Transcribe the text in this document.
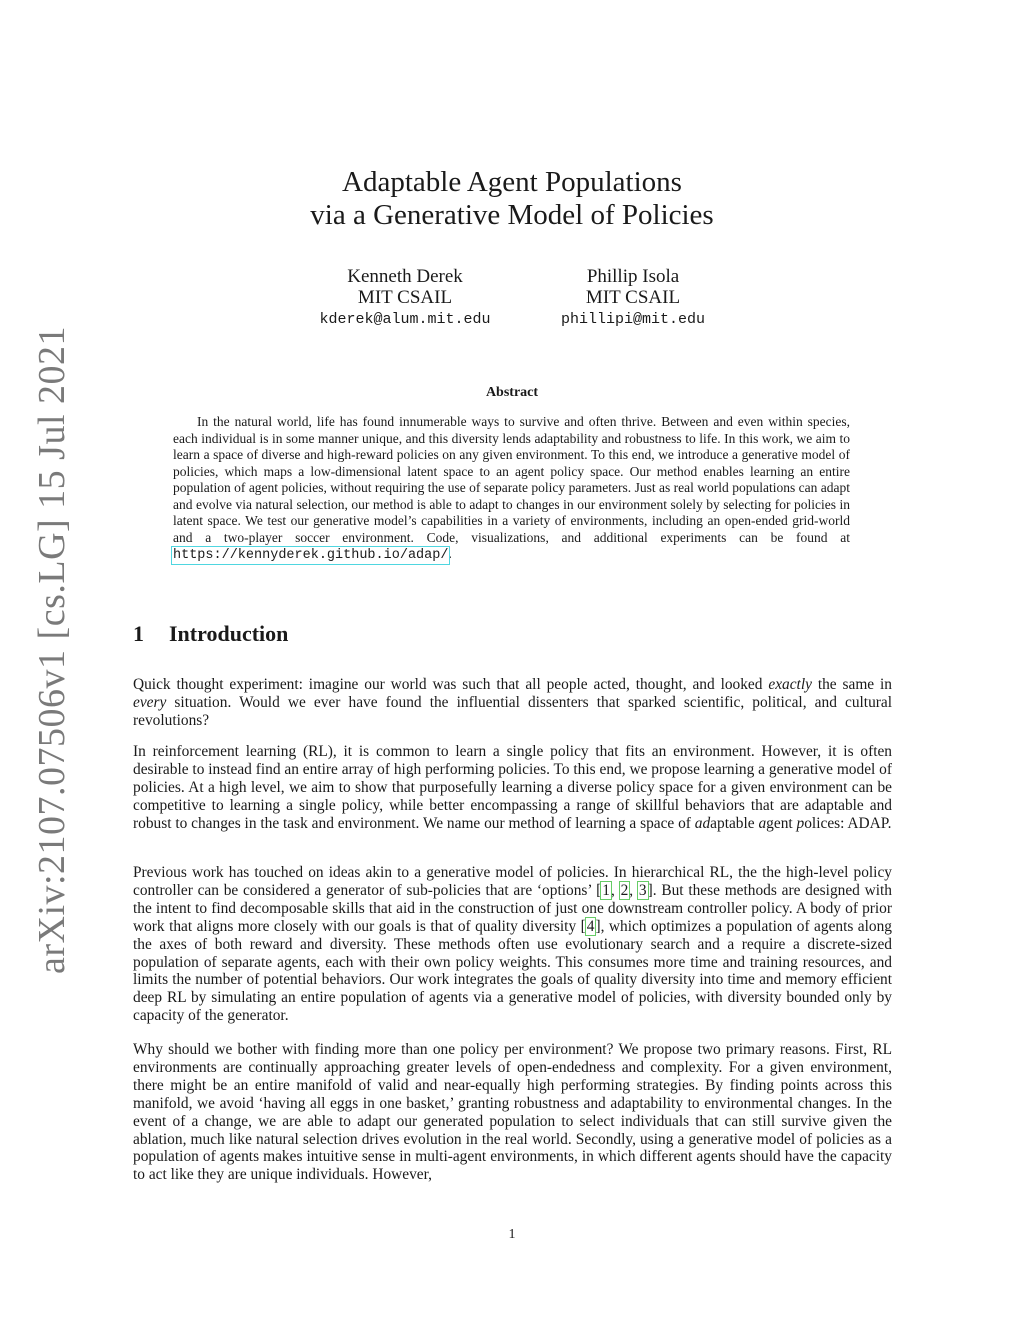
arXiv:2107.07506v1 [cs.LG] 15 Jul 2021
Adaptable Agent Populations
via a Generative Model of Policies
Kenneth Derek
MIT CSAIL
kderek@alum.mit.edu
Phillip Isola
MIT CSAIL
phillipi@mit.edu
Abstract
In the natural world, life has found innumerable ways to survive and often thrive. Between and even within species, each individual is in some manner unique, and this diversity lends adaptability and robustness to life. In this work, we aim to learn a space of diverse and high-reward policies on any given environment. To this end, we introduce a generative model of policies, which maps a low-dimensional latent space to an agent policy space. Our method enables learning an entire population of agent policies, without requiring the use of separate policy parameters. Just as real world populations can adapt and evolve via natural selection, our method is able to adapt to changes in our environment solely by selecting for policies in latent space. We test our generative model’s capabilities in a variety of environments, including an open-ended grid-world and a two-player soccer environment. Code, visualizations, and additional experiments can be found at https://kennyderek.github.io/adap/.
1 Introduction

Quick thought experiment: imagine our world was such that all people acted, thought, and looked exactly the same in every situation. Would we ever have found the influential dissenters that sparked scientific, political, and cultural revolutions?

In reinforcement learning (RL), it is common to learn a single policy that fits an environment. However, it is often desirable to instead find an entire array of high performing policies. To this end, we propose learning a generative model of policies. At a high level, we aim to show that purposefully learning a diverse policy space for a given environment can be competitive to learning a single policy, while better encompassing a range of skillful behaviors that are adaptable and robust to changes in the task and environment. We name our method of learning a space of adaptable agent polices: ADAP.

Previous work has touched on ideas akin to a generative model of policies. In hierarchical RL, the the high-level policy controller can be considered a generator of sub-policies that are ‘options’ [1, 2, 3]. But these methods are designed with the intent to find decomposable skills that aid in the construction of just one downstream controller policy. A body of prior work that aligns more closely with our goals is that of quality diversity [4], which optimizes a population of agents along the axes of both reward and diversity. These methods often use evolutionary search and a require a discrete-sized population of separate agents, each with their own policy weights. This consumes more time and training resources, and limits the number of potential behaviors. Our work integrates the goals of quality diversity into time and memory efficient deep RL by simulating an entire population of agents via a generative model of policies, with diversity bounded only by capacity of the generator.

Why should we bother with finding more than one policy per environment? We propose two primary reasons. First, RL environments are continually approaching greater levels of open-endedness and complexity. For a given environment, there might be an entire manifold of valid and near-equally high performing strategies. By finding points across this manifold, we avoid ‘having all eggs in one basket,’ granting robustness and adaptability to environmental changes. In the event of a change, we are able to adapt our generated population to select individuals that can still survive given the ablation, much like natural selection drives evolution in the real world. Secondly, using a generative model of policies as a population of agents makes intuitive sense in multi-agent environments, in which different agents should have the capacity to act like they are unique individuals. However,

1
